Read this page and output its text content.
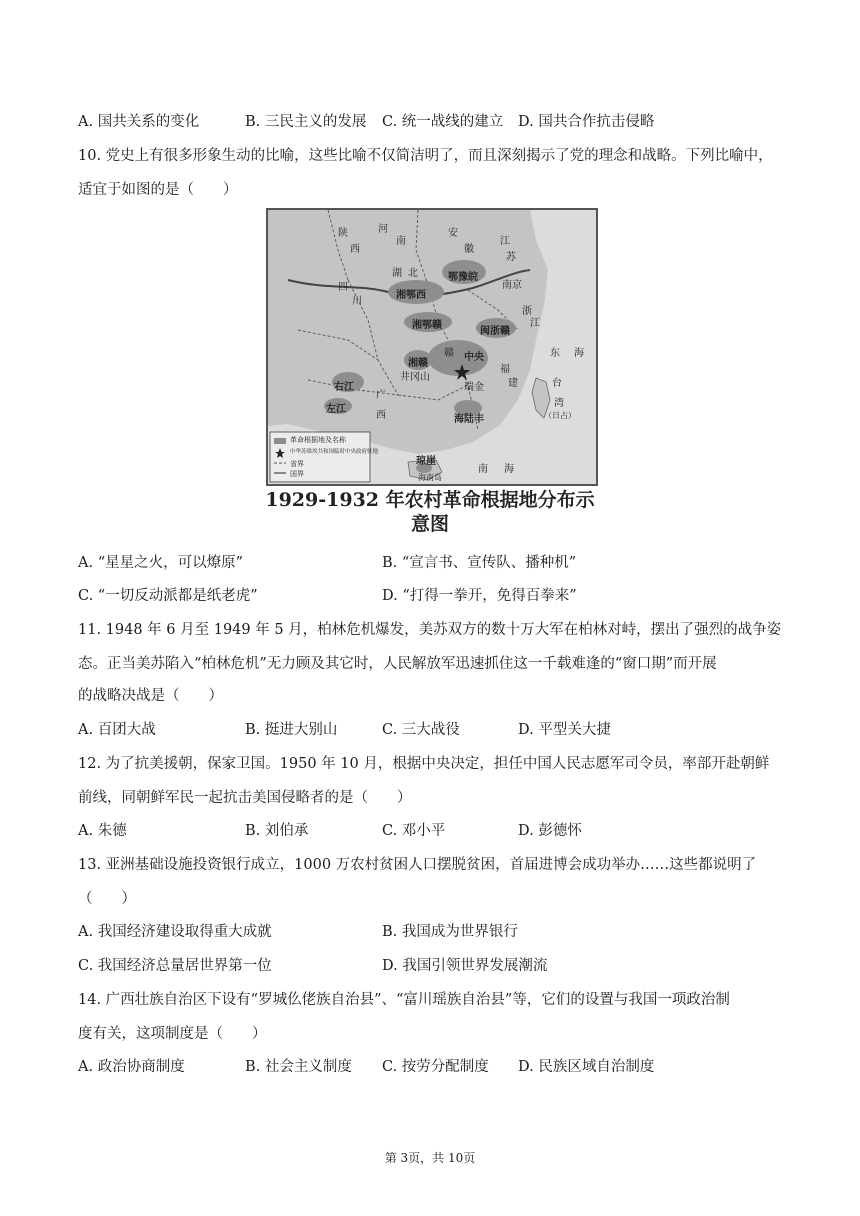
A. 国共关系的变化	B. 三民主义的发展 C. 统一战线的建立 D. 国共合作抗击侵略
10. 党史上有很多形象生动的比喻，这些比喻不仅简洁明了，而且深刻揭示了党的理念和战略。下列比喻中，
适宜于如图的是（　　）
河
南
安
徽
江
苏
陕
西
湖 北	鄂豫皖
南京
湘鄂西
四
川
湘鄂赣
闽浙赣
浙
江
赣 中央
瑞金
福
建
东 海
湘赣
井冈山
台
湾
（日占）
广
西
右江
左江
海陆丰
琼崖
南 海
海南岛
革命根据地及名称
中华苏维埃共和国临时中央政府驻地
省界
国界
1929-1932 年农村革命根据地分布示意图
A. “星星之火，可以燎原”	B. “宣言书、宣传队、播种机”
C. “一切反动派都是纸老虎”	D. “打得一拳开，免得百拳来”
11. 1948 年 6 月至 1949 年 5 月，柏林危机爆发，美苏双方的数十万大军在柏林对峙，摆出了强烈的战争姿
态。正当美苏陷入“柏林危机”无力顾及其它时，人民解放军迅速抓住这一千载难逢的“窗口期”而开展
的战略决战是（　　）
A. 百团大战	B. 挺进大别山	C. 三大战役	D. 平型关大捷
12. 为了抗美援朝，保家卫国。1950 年 10 月，根据中央决定，担任中国人民志愿军司令员，率部开赴朝鲜
前线，同朝鲜军民一起抗击美国侵略者的是（　　）
A. 朱德	B. 刘伯承	C. 邓小平	D. 彭德怀
13. 亚洲基础设施投资银行成立，1000 万农村贫困人口摆脱贫困，首届进博会成功举办……这些都说明了
（　　）
A. 我国经济建设取得重大成就	B. 我国成为世界银行
C. 我国经济总量居世界第一位	D. 我国引领世界发展潮流
14. 广西壮族自治区下设有“罗城仫佬族自治县”、“富川瑶族自治县”等，它们的设置与我国一项政治制
度有关，这项制度是（　　）
A. 政治协商制度	B. 社会主义制度 C. 按劳分配制度 D. 民族区域自治制度
第 3页，共 10页
